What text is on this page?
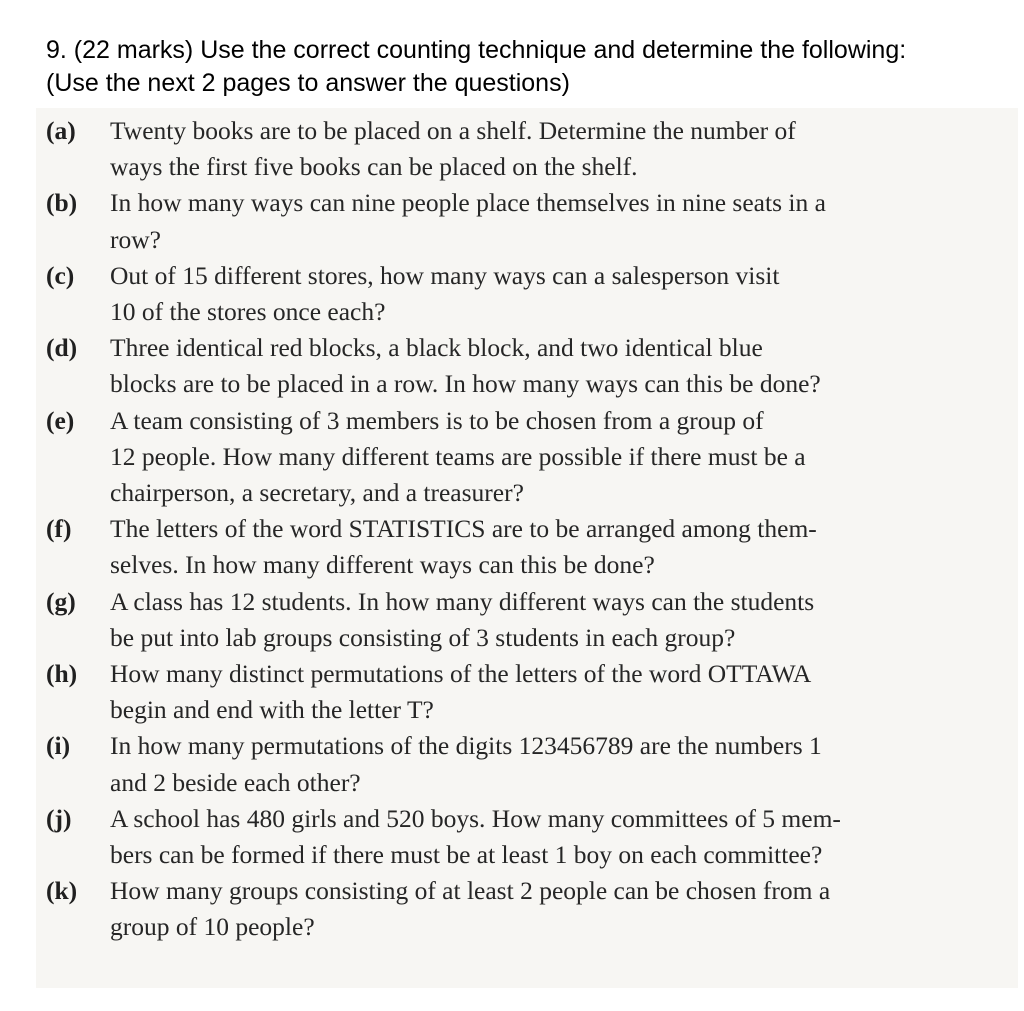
9. (22 marks) Use the correct counting technique and determine the following:
(Use the next 2 pages to answer the questions)
(a)	Twenty books are to be placed on a shelf. Determine the number of
ways the first five books can be placed on the shelf.
(b)	In how many ways can nine people place themselves in nine seats in a
row?
(c)	Out of 15 different stores, how many ways can a salesperson visit
10 of the stores once each?
(d)	Three identical red blocks, a black block, and two identical blue
blocks are to be placed in a row. In how many ways can this be done?
(e)	A team consisting of 3 members is to be chosen from a group of
12 people. How many different teams are possible if there must be a
chairperson, a secretary, and a treasurer?
(f)	The letters of the word STATISTICS are to be arranged among them-
selves. In how many different ways can this be done?
(g)	A class has 12 students. In how many different ways can the students
be put into lab groups consisting of 3 students in each group?
(h)	How many distinct permutations of the letters of the word OTTAWA
begin and end with the letter T?
(i)	In how many permutations of the digits 123456789 are the numbers 1
and 2 beside each other?
(j)	A school has 480 girls and 520 boys. How many committees of 5 mem-
bers can be formed if there must be at least 1 boy on each committee?
(k)	How many groups consisting of at least 2 people can be chosen from a
group of 10 people?
